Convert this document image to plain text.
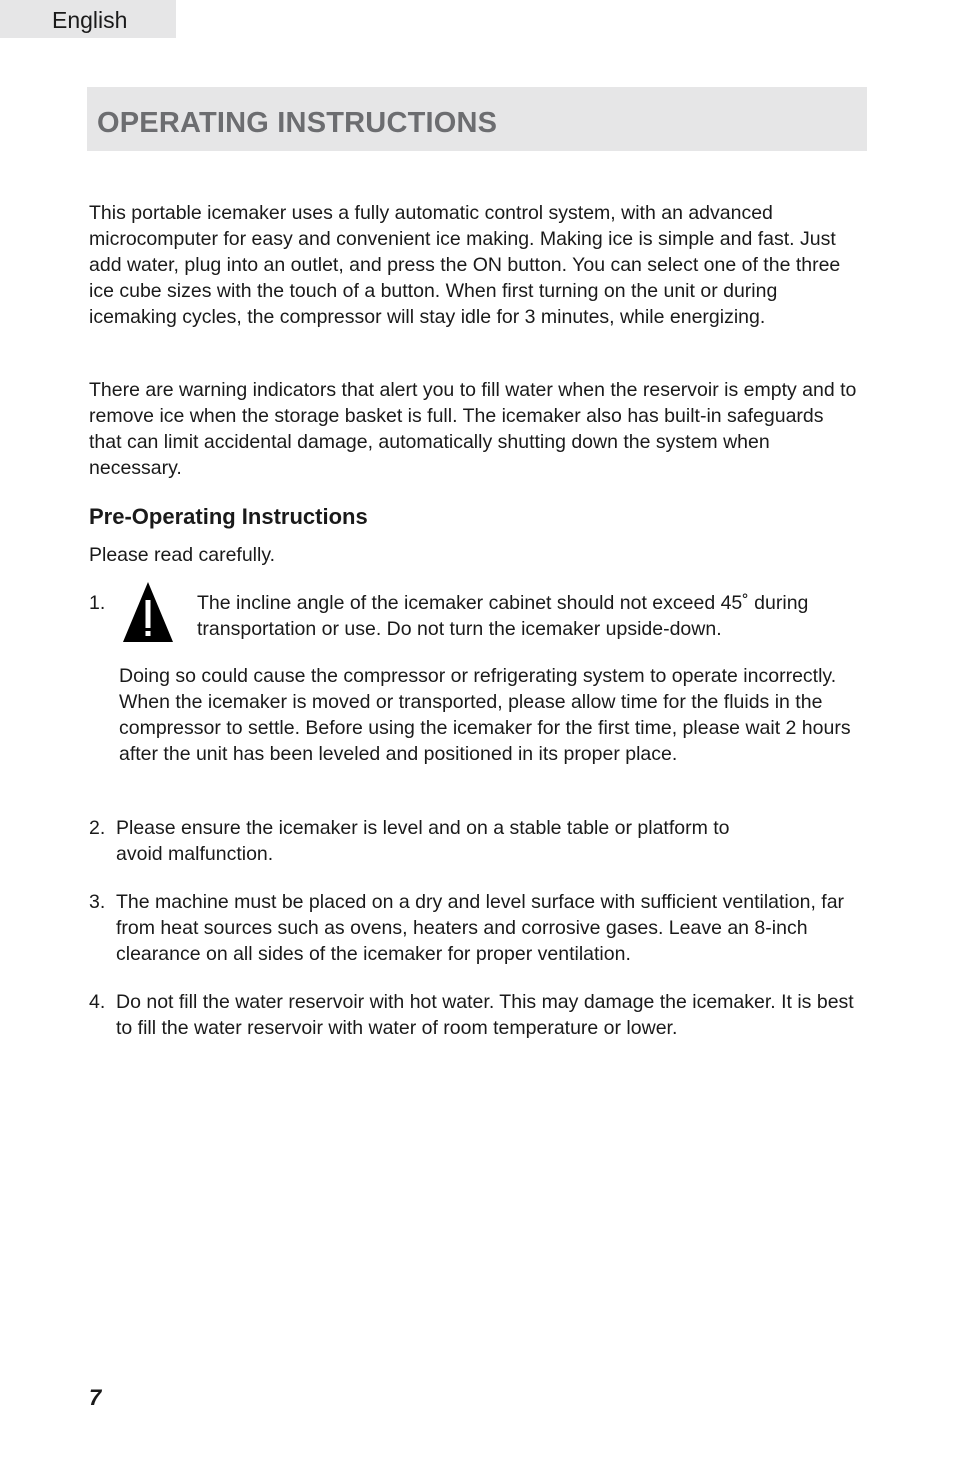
English
OPERATING INSTRUCTIONS

This portable icemaker uses a fully automatic control system, with an advanced microcomputer for easy and convenient ice making. Making ice is simple and fast. Just add water, plug into an outlet, and press the ON button. You can select one of the three ice cube sizes with the touch of a button. When first turning on the unit or during icemaking cycles, the compressor will stay idle for 3 minutes, while energizing.

There are warning indicators that alert you to fill water when the reservoir is empty and to remove ice when the storage basket is full. The icemaker also has built-in safeguards that can limit accidental damage, automatically shutting down the system when necessary.

Pre-Operating Instructions

Please read carefully.

1.	The incline angle of the icemaker cabinet should not exceed 45˚ during transportation or use. Do not turn the icemaker upside-down.

Doing so could cause the compressor or refrigerating system to operate incorrectly. When the icemaker is moved or transported, please allow time for the fluids in the compressor to settle. Before using the icemaker for the first time, please wait 2 hours after the unit has been leveled and positioned in its proper place.

2. Please ensure the icemaker is level and on a stable table or platform to avoid malfunction.
3. The machine must be placed on a dry and level surface with sufficient ventilation, far from heat sources such as ovens, heaters and corrosive gases. Leave an 8-inch clearance on all sides of the icemaker for proper ventilation.
4. Do not fill the water reservoir with hot water. This may damage the icemaker. It is best to fill the water reservoir with water of room temperature or lower.
7
